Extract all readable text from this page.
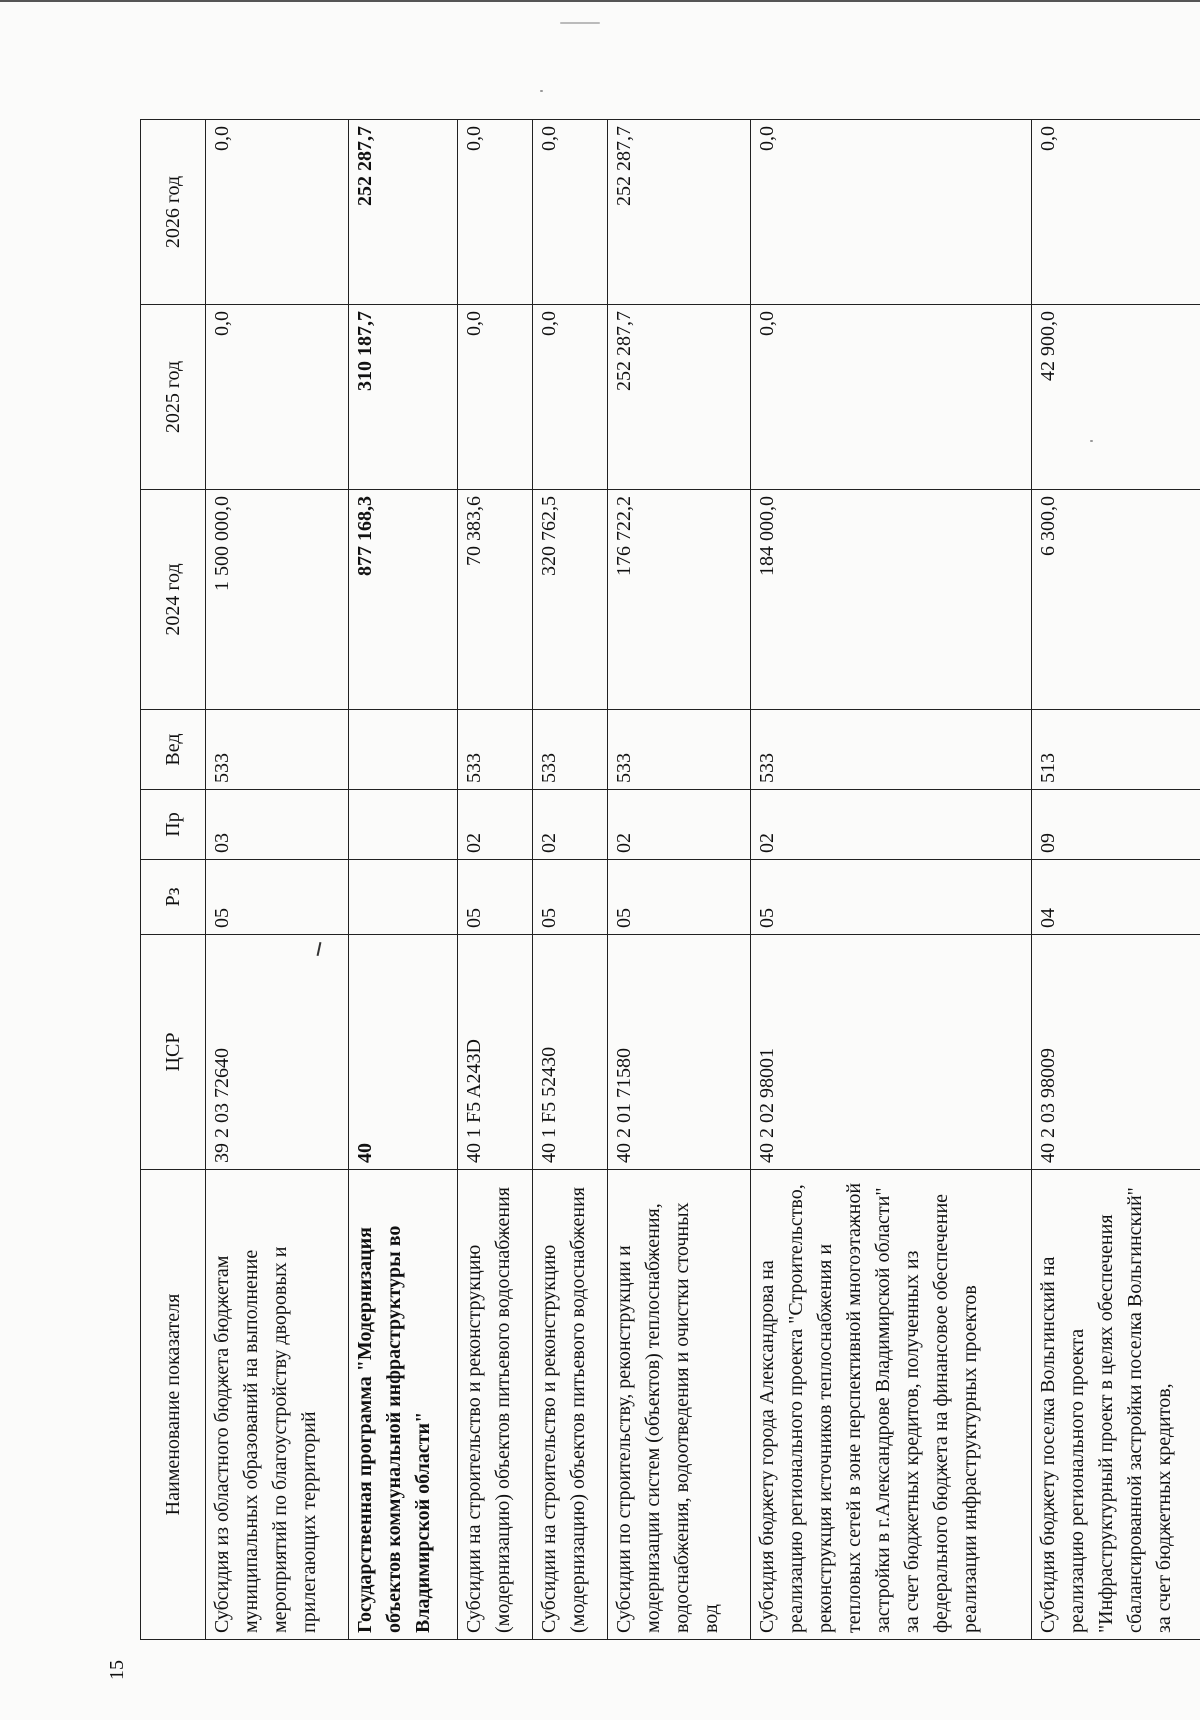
15
Наименование показателя	ЦСР	Рз	Пр	Вед	2024 год	2025 год	2026 год
Субсидия из областного бюджета бюджетам муниципальных образований на выполнение мероприятий по благоустройству дворовых и прилегающих территорий	39 2 03 72640	05	03	533	1 500 000,0	0,0	0,0
Государственная программа "Модернизация объектов коммунальной инфраструктуры во Владимирской области"	40				877 168,3	310 187,7	252 287,7
Субсидии на строительство и реконструкцию (модернизацию) объектов питьевого водоснабжения	40 1 F5 A243D	05	02	533	70 383,6	0,0	0,0
Субсидии на строительство и реконструкцию (модернизацию) объектов питьевого водоснабжения	40 1 F5 52430	05	02	533	320 762,5	0,0	0,0
Субсидии по строительству, реконструкции и модернизации систем (объектов) теплоснабжения, водоснабжения, водоотведения и очистки сточных вод	40 2 01 71580	05	02	533	176 722,2	252 287,7	252 287,7
Субсидия бюджету города Александрова на реализацию регионального проекта "Строительство, реконструкция источников теплоснабжения и тепловых сетей в зоне перспективной многоэтажной застройки в г.Александрове Владимирской области" за счет бюджетных кредитов, полученных из федерального бюджета на финансовое обеспечение реализации инфраструктурных проектов	40 2 02 98001	05	02	533	184 000,0	0,0	0,0
Субсидия бюджету поселка Вольгинский на реализацию регионального проекта "Инфраструктурный проект в целях обеспечения сбалансированной застройки поселка Вольгинский" за счет бюджетных кредитов,	40 2 03 98009	04	09	513	6 300,0	42 900,0	0,0
